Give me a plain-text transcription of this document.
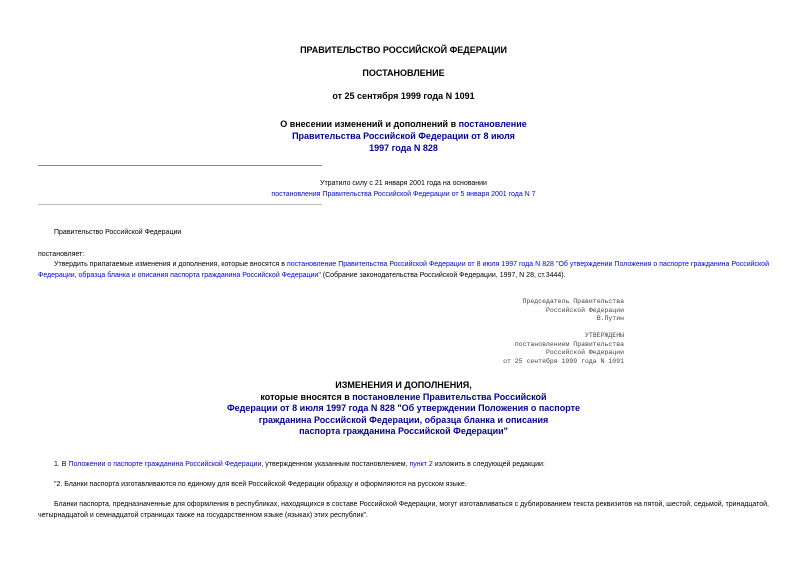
ПРАВИТЕЛЬСТВО РОССИЙСКОЙ ФЕДЕРАЦИИ
ПОСТАНОВЛЕНИЕ
от 25 сентября 1999 года N 1091
О внесении изменений и дополнений в постановление
Правительства Российской Федерации от 8 июля
1997 года N 828
Утратило силу с 21 января 2001 года на основании
постановления Правительства Российской Федерации от 5 января 2001 года N 7
Правительство Российской Федерации
постановляет:
Утвердить прилагаемые изменения и дополнения, которые вносятся в постановление Правительства Российской Федерации от 8 июля 1997 года N 828 "Об утверждении Положения о паспорте гражданина Российской Федерации, образца бланка и описания паспорта гражданина Российской Федерации" (Собрание законодательства Российской Федерации, 1997, N 28, ст.3444).
Председатель Правительства
Российской Федерации
В.Путин
УТВЕРЖДЕНЫ
постановлением Правительства
Российской Федерации
от 25 сентября 1999 года N 1091
ИЗМЕНЕНИЯ И ДОПОЛНЕНИЯ,
которые вносятся в постановление Правительства Российской
Федерации от 8 июля 1997 года N 828 "Об утверждении Положения о паспорте
гражданина Российской Федерации, образца бланка и описания
паспорта гражданина Российской Федерации"
1. В Положении о паспорте гражданина Российской Федерации, утвержденном указанным постановлением, пункт 2 изложить в следующей редакции:
"2. Бланки паспорта изготавливаются по единому для всей Российской Федерации образцу и оформляются на русском языке.
Бланки паспорта, предназначенные для оформления в республиках, находящихся в составе Российской Федерации, могут изготавливаться с дублированием текста реквизитов на пятой, шестой, седьмой, тринадцатой, четырнадцатой и семнадцатой страницах также на государственном языке (языках) этих республик".
